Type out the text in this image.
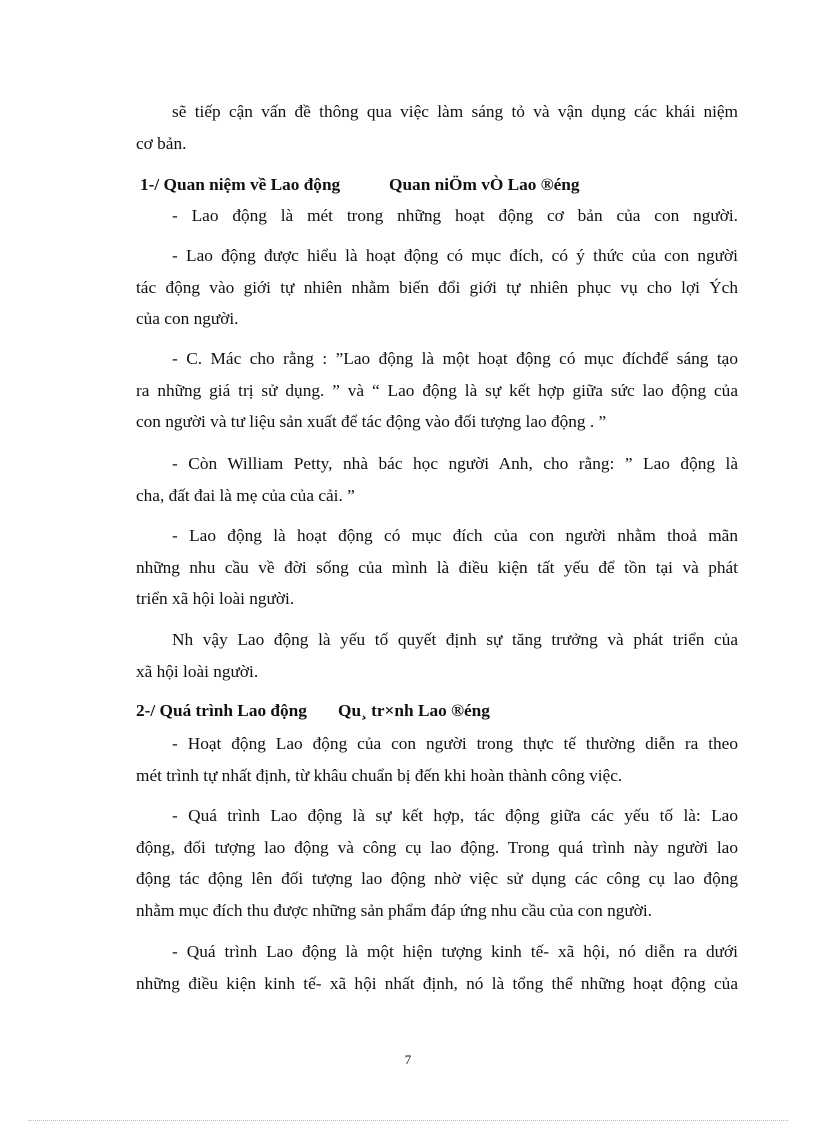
sẽ tiếp cận vấn đề thông qua việc làm sáng tỏ và vận dụng các khái niệm
cơ bản.
1-/ Quan niệm về Lao động	Quan niÖm vÒ Lao ®éng
- Lao động là mét trong những hoạt động cơ bản của con người.
- Lao động được hiểu là hoạt động có mục đích, có ý thức của con người
tác động vào giới tự nhiên nhằm biến đổi giới tự nhiên phục vụ cho lợi Ých
của con người.
- C. Mác cho rằng : ”Lao động là một hoạt động có mục đíchđể sáng tạo
ra những giá trị sử dụng. ” và “ Lao động là sự kết hợp giữa sức lao động của
con người và tư liệu sản xuất để tác động vào đối tượng lao động . ”
- Còn William Petty, nhà bác học người Anh, cho rằng: ” Lao động là
cha, đất đai là mẹ của của cải. ”
- Lao động là hoạt động có mục đích của con người nhằm thoả mãn
những nhu cầu về đời sống của mình là điều kiện tất yếu để tồn tại và phát
triển xã hội loài người.
Nh vậy Lao động là yếu tố quyết định sự tăng trưởng và phát triển của
xã hội loài người.
2-/ Quá trình Lao động Qu¸ tr×nh Lao ®éng
- Hoạt động Lao động của con người trong thực tế thường diễn ra theo
mét trình tự nhất định, từ khâu chuẩn bị đến khi hoàn thành công việc.
- Quá trình Lao động là sự kết hợp, tác động giữa các yếu tố là: Lao
động, đối tượng lao động và công cụ lao động. Trong quá trình này người lao
động tác động lên đối tượng lao động nhờ việc sử dụng các công cụ lao động
nhằm mục đích thu được những sản phẩm đáp ứng nhu cầu của con người.
- Quá trình Lao động là một hiện tượng kinh tế- xã hội, nó diễn ra dưới
những điều kiện kinh tế- xã hội nhất định, nó là tổng thể những hoạt động của
7
